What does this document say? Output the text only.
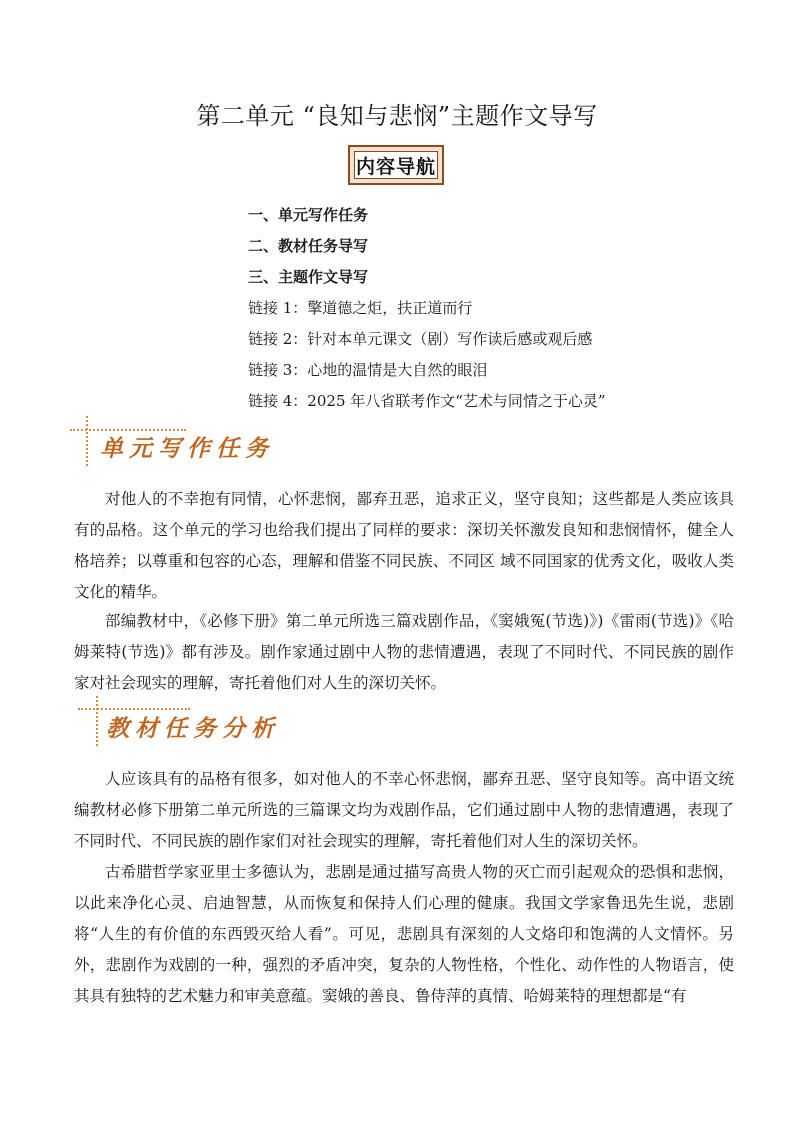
第二单元 “良知与悲悯”主题作文导写
内容导航
一、单元写作任务
二、教材任务导写
三、主题作文导写
链接 1：擎道德之炬，扶正道而行
链接 2：针对本单元课文（剧）写作读后感或观后感
链接 3：心地的温情是大自然的眼泪
链接 4：2025 年八省联考作文“艺术与同情之于心灵”
单元写作任务
对他人的不幸抱有同情，心怀悲悯，鄙弃丑恶，追求正义，坚守良知；这些都是人类应该具有的品格。这个单元的学习也给我们提出了同样的要求：深切关怀激发良知和悲悯情怀，健全人格培养；以尊重和包容的心态，理解和借鉴不同民族、不同区 域不同国家的优秀文化，吸收人类文化的精华。
部编教材中，《必修下册》第二单元所选三篇戏剧作品，《窦娥冤(节选)》)《雷雨(节选)》《哈姆莱特(节选)》都有涉及。剧作家通过剧中人物的悲情遭遇，表现了不同时代、不同民族的剧作家对社会现实的理解，寄托着他们对人生的深切关怀。
教材任务分析
人应该具有的品格有很多，如对他人的不幸心怀悲悯，鄙弃丑恶、坚守良知等。高中语文统编教材必修下册第二单元所选的三篇课文均为戏剧作品，它们通过剧中人物的悲情遭遇，表现了不同时代、不同民族的剧作家们对社会现实的理解，寄托着他们对人生的深切关怀。
古希腊哲学家亚里士多德认为，悲剧是通过描写高贵人物的灭亡而引起观众的恐惧和悲悯，以此来净化心灵、启迪智慧，从而恢复和保持人们心理的健康。我国文学家鲁迅先生说，悲剧将“人生的有价值的东西毁灭给人看”。可见，悲剧具有深刻的人文烙印和饱满的人文情怀。另外，悲剧作为戏剧的一种，强烈的矛盾冲突，复杂的人物性格，个性化、动作性的人物语言，使其具有独特的艺术魅力和审美意蕴。窦娥的善良、鲁侍萍的真情、哈姆莱特的理想都是“有
